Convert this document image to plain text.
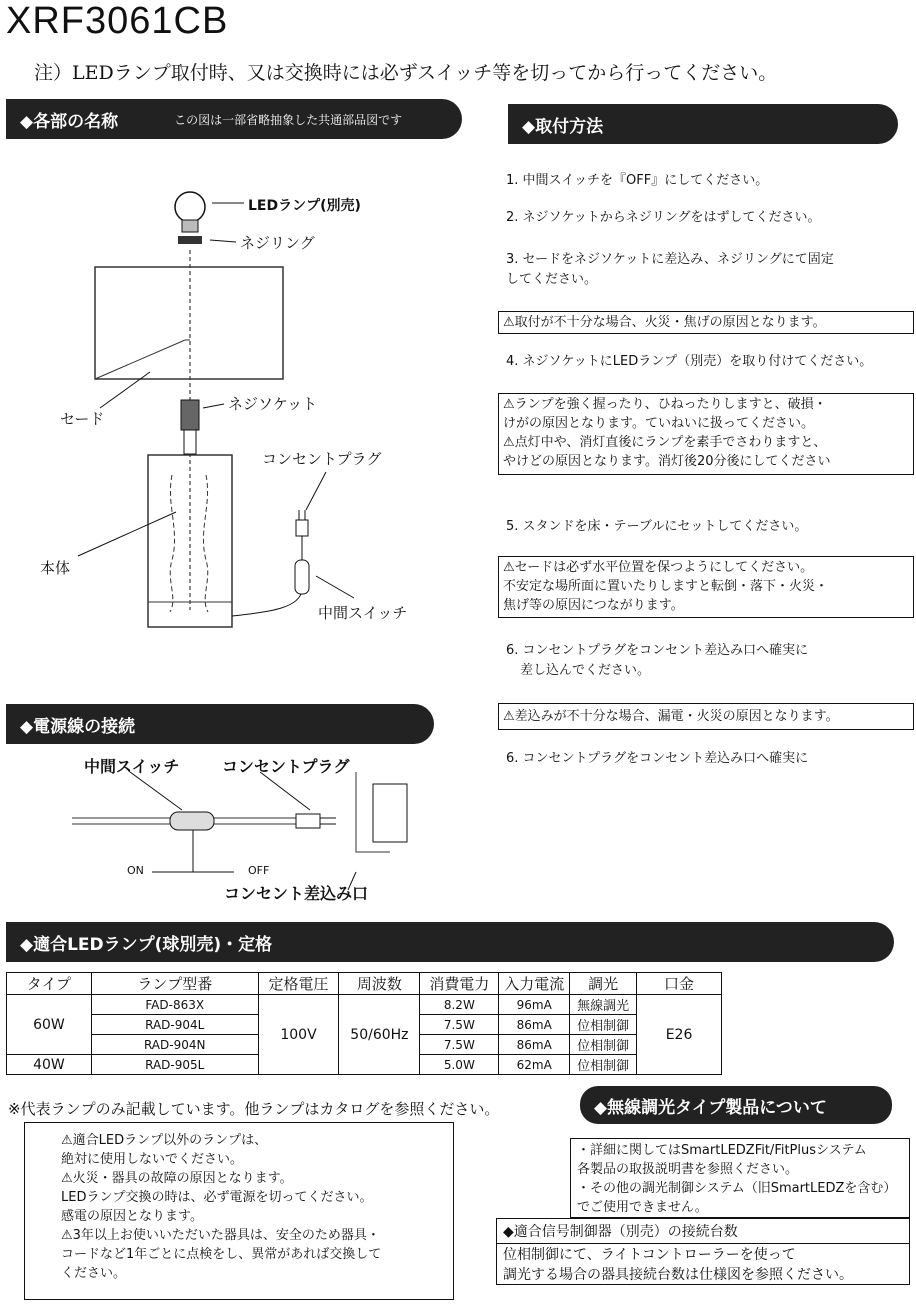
XRF3061CB
注）LEDランプ取付時、又は交換時には必ずスイッチ等を切ってから行ってください。
◆各部の名称	この図は一部省略抽象した共通部品図です	◆取付方法
LEDランプ(別売)
ネジリング
セード
ネジソケット
コンセントプラグ
本体
中間スイッチ
1. 中間スイッチを『OFF』にしてください。
2. ネジソケットからネジリングをはずしてください。
3. セードをネジソケットに差込み、ネジリングにて固定
してください。
⚠取付が不十分な場合、火災・焦げの原因となります。
4. ネジソケットにLEDランプ（別売）を取り付けてください。
⚠ランプを強く握ったり、ひねったりしますと、破損・
けがの原因となります。ていねいに扱ってください。
⚠点灯中や、消灯直後にランプを素手でさわりますと、
やけどの原因となります。消灯後20分後にしてください
5. スタンドを床・テーブルにセットしてください。
⚠セードは必ず水平位置を保つようにしてください。
不安定な場所面に置いたりしますと転倒・落下・火災・
焦げ等の原因につながります。
6. コンセントプラグをコンセント差込み口へ確実に
差し込んでください。
⚠差込みが不十分な場合、漏電・火災の原因となります。
6. コンセントプラグをコンセント差込み口へ確実に
◆電源線の接続
中間スイッチ	コンセントプラグ
ON	OFF
コンセント差込み口
◆適合LEDランプ(球別売)・定格
タイプ	ランプ型番	定格電圧	周波数	消費電力	入力電流	調光	口金
60W	FAD-863X	100V	50/60Hz	8.2W	96mA	無線調光	E26
	RAD-904L			7.5W	86mA	位相制御	
	RAD-904N			7.5W	86mA	位相制御	
40W	RAD-905L			5.0W	62mA	位相制御	
※代表ランプのみ記載しています。他ランプはカタログを参照ください。
⚠適合LEDランプ以外のランプは、
絶対に使用しないでください。
⚠火災・器具の故障の原因となります。
LEDランプ交換の時は、必ず電源を切ってください。
感電の原因となります。
⚠3年以上お使いいただいた器具は、安全のため器具・
コードなど1年ごとに点検をし、異常があれば交換して
ください。
◆無線調光タイプ製品について
・詳細に関してはSmartLEDZFit/FitPlusシステム
各製品の取扱説明書を参照ください。
・その他の調光制御システム（旧SmartLEDZを含む）
でご使用できません。
◆適合信号制御器（別売）の接続台数
位相制御にて、ライトコントローラーを使って
調光する場合の器具接続台数は仕様図を参照ください。
